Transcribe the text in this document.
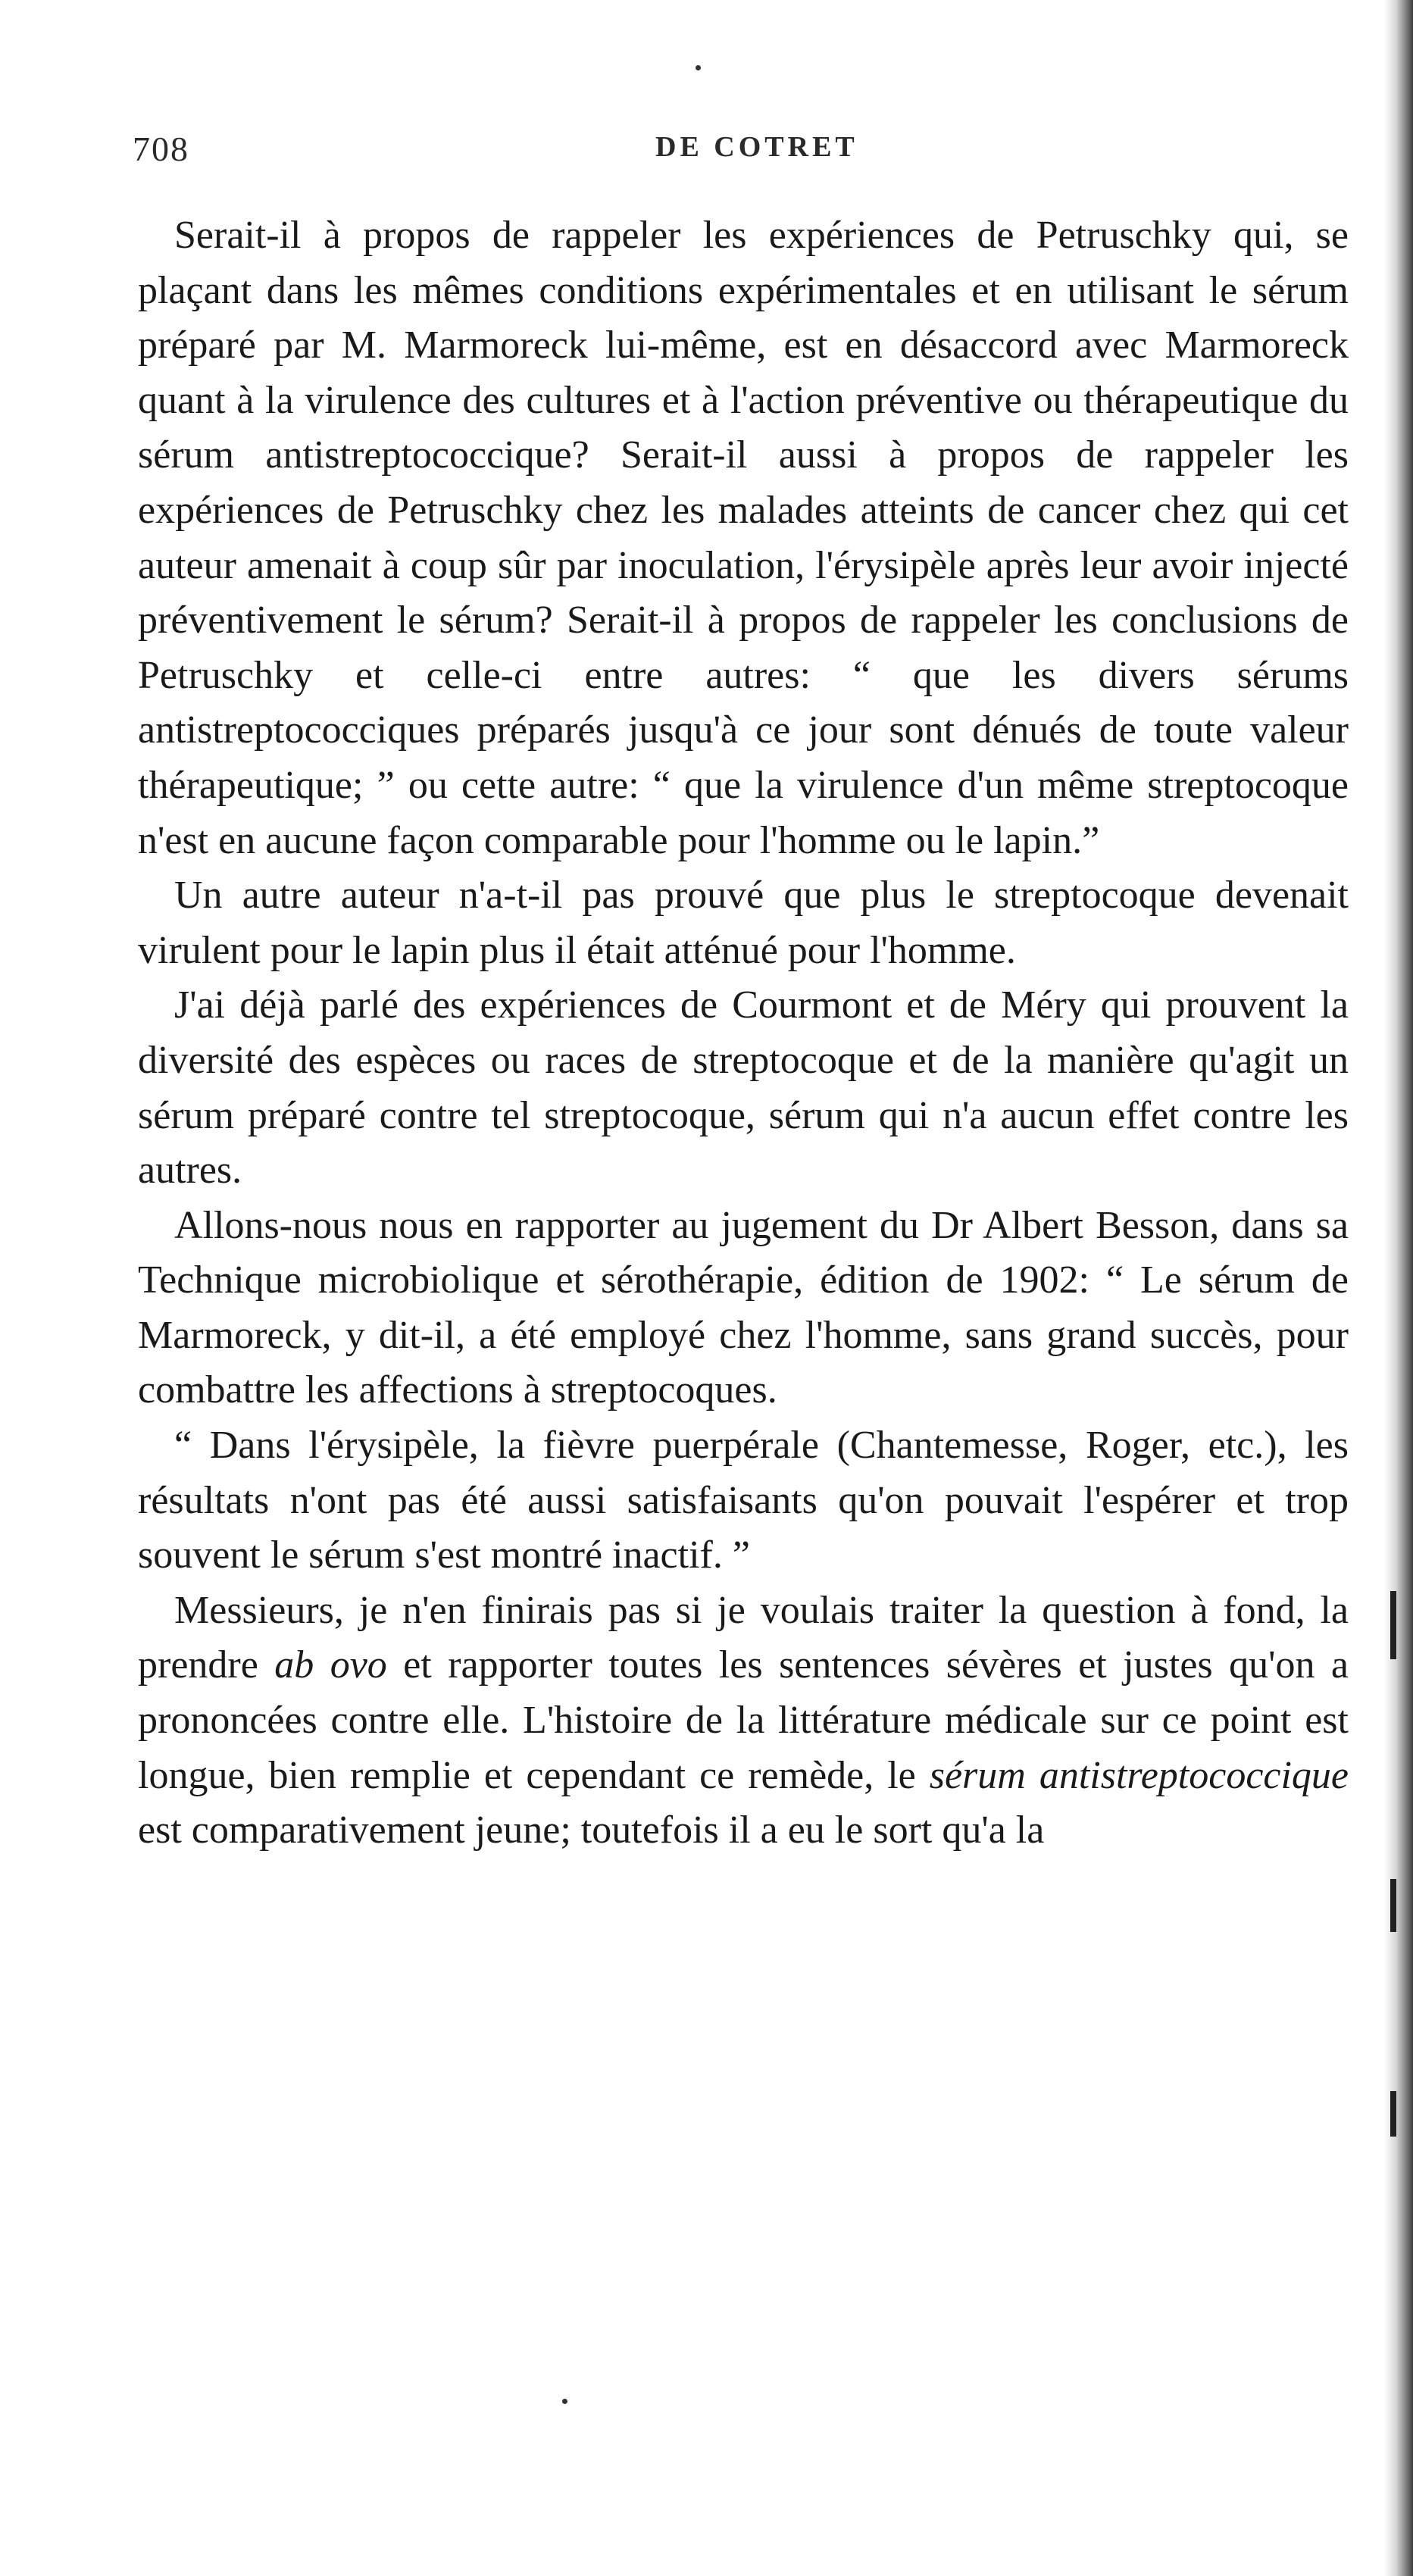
708	DE COTRET

Serait-il à propos de rappeler les expériences de Petruschky qui, se plaçant dans les mêmes conditions expérimentales et en utilisant le sérum préparé par M. Marmoreck lui-même, est en désaccord avec Marmoreck quant à la virulence des cultures et à l'action préventive ou thérapeutique du sérum antistreptococcique? Serait-il aussi à propos de rappeler les expériences de Petruschky chez les malades atteints de cancer chez qui cet auteur amenait à coup sûr par inoculation, l'érysipèle après leur avoir injecté préventivement le sérum? Serait-il à propos de rappeler les conclusions de Petruschky et celle-ci entre autres: “ que les divers sérums antistreptococciques préparés jusqu'à ce jour sont dénués de toute valeur thérapeutique; ” ou cette autre: “ que la virulence d'un même streptocoque n'est en aucune façon comparable pour l'homme ou le lapin.”

Un autre auteur n'a-t-il pas prouvé que plus le streptocoque devenait virulent pour le lapin plus il était atténué pour l'homme.

J'ai déjà parlé des expériences de Courmont et de Méry qui prouvent la diversité des espèces ou races de streptocoque et de la manière qu'agit un sérum préparé contre tel streptocoque, sérum qui n'a aucun effet contre les autres.

Allons-nous nous en rapporter au jugement du Dr Albert Besson, dans sa Technique microbiolique et sérothérapie, édition de 1902: “ Le sérum de Marmoreck, y dit-il, a été employé chez l'homme, sans grand succès, pour combattre les affections à streptocoques.

“ Dans l'érysipèle, la fièvre puerpérale (Chantemesse, Roger, etc.), les résultats n'ont pas été aussi satisfaisants qu'on pouvait l'espérer et trop souvent le sérum s'est montré inactif. ”

Messieurs, je n'en finirais pas si je voulais traiter la question à fond, la prendre ab ovo et rapporter toutes les sentences sévères et justes qu'on a prononcées contre elle. L'histoire de la littérature médicale sur ce point est longue, bien remplie et cependant ce remède, le sérum antistreptococcique est comparativement jeune; toutefois il a eu le sort qu'a la
